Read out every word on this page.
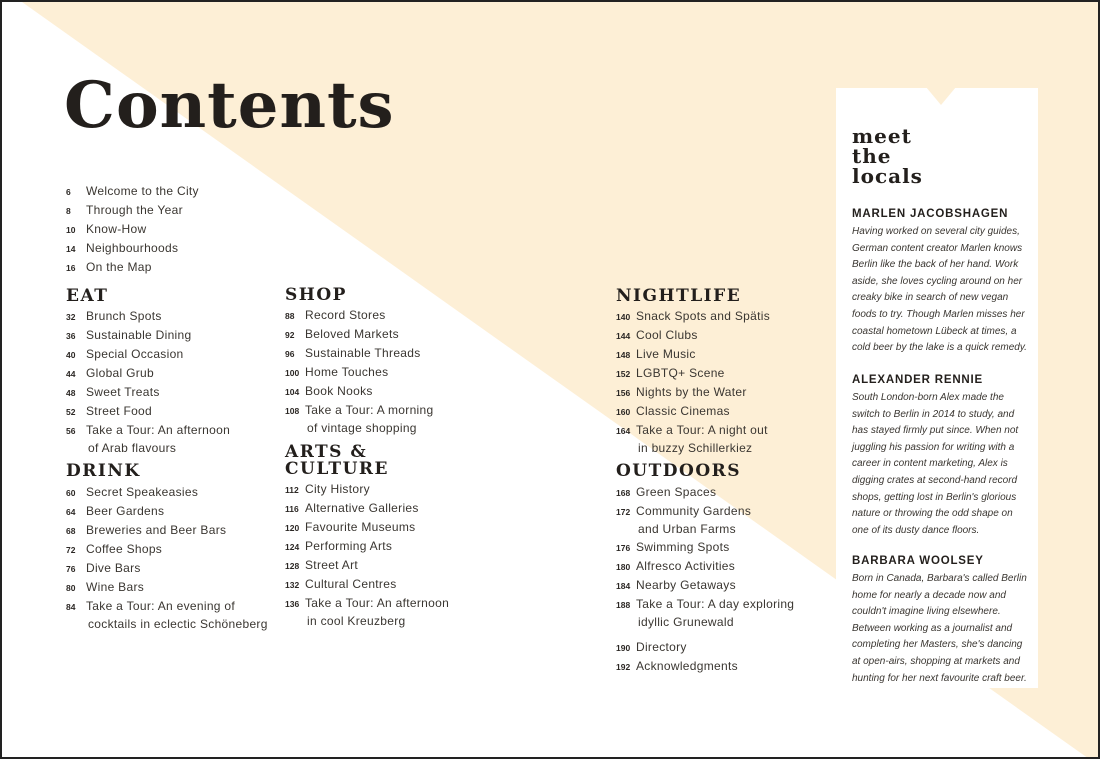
Contents
6	Welcome to the City
8	Through the Year
10 Know-How
14 Neighbourhoods
16 On the Map
EAT
32 Brunch Spots
36 Sustainable Dining
40 Special Occasion
44 Global Grub
48 Sweet Treats
52 Street Food
56 Take a Tour: An afternoon
of Arab flavours
DRINK
60 Secret Speakeasies
64 Beer Gardens
68 Breweries and Beer Bars
72 Coffee Shops
76 Dive Bars
80 Wine Bars
84 Take a Tour: An evening of
cocktails in eclectic Schöneberg
SHOP
88 Record Stores
92 Beloved Markets
96 Sustainable Threads
100 Home Touches
104 Book Nooks
108 Take a Tour: A morning
of vintage shopping
ARTS &
CULTURE
112 City History
116 Alternative Galleries
120 Favourite Museums
124 Performing Arts
128 Street Art
132 Cultural Centres
136 Take a Tour: An afternoon
in cool Kreuzberg
NIGHTLIFE
140 Snack Spots and Spätis
144 Cool Clubs
148 Live Music
152 LGBTQ+ Scene
156 Nights by the Water
160 Classic Cinemas
164 Take a Tour: A night out
in buzzy Schillerkiez
OUTDOORS
168 Green Spaces
172 Community Gardens
and Urban Farms
176 Swimming Spots
180 Alfresco Activities
184 Nearby Getaways
188 Take a Tour: A day exploring
idyllic Grunewald
190 Directory
192 Acknowledgments
meet
the
locals

MARLEN JACOBSHAGEN

Having worked on several city guides, German content creator Marlen knows Berlin like the back of her hand. Work aside, she loves cycling around on her creaky bike in search of new vegan foods to try. Though Marlen misses her coastal hometown Lübeck at times, a cold beer by the lake is a quick remedy.

ALEXANDER RENNIE

South London-born Alex made the switch to Berlin in 2014 to study, and has stayed firmly put since. When not juggling his passion for writing with a career in content marketing, Alex is digging crates at second-hand record shops, getting lost in Berlin's glorious nature or throwing the odd shape on one of its dusty dance floors.

BARBARA WOOLSEY

Born in Canada, Barbara's called Berlin home for nearly a decade now and couldn't imagine living elsewhere. Between working as a journalist and completing her Masters, she's dancing at open-airs, shopping at markets and hunting for her next favourite craft beer.
